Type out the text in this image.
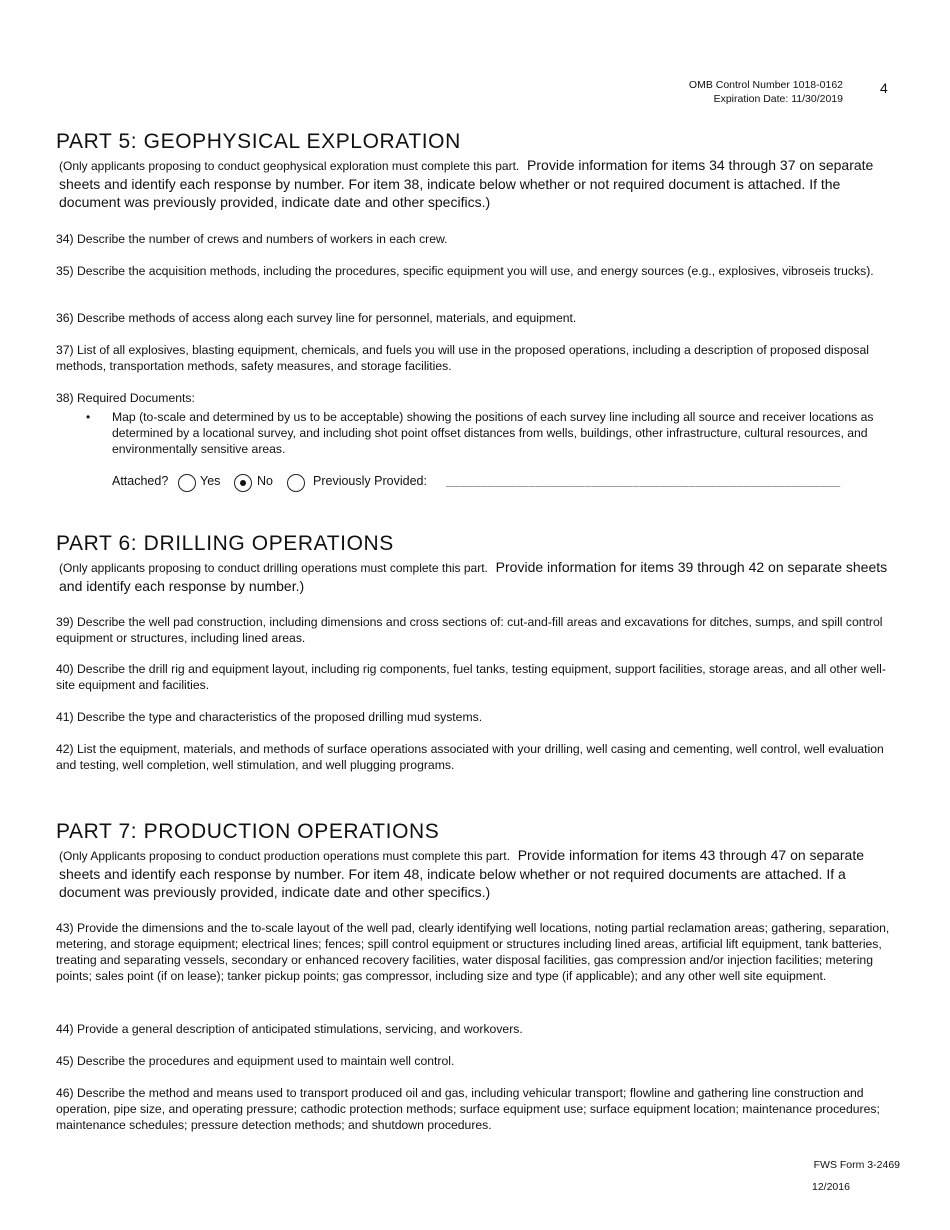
OMB Control Number 1018-0162
Expiration Date: 11/30/2019
4
PART 5: GEOPHYSICAL EXPLORATION
(Only applicants proposing to conduct geophysical exploration must complete this part. Provide information for items 34 through 37 on separate sheets and identify each response by number. For item 38, indicate below whether or not required document is attached. If the document was previously provided, indicate date and other specifics.)

34) Describe the number of crews and numbers of workers in each crew.

35) Describe the acquisition methods, including the procedures, specific equipment you will use, and energy sources (e.g., explosives, vibroseis trucks).

36) Describe methods of access along each survey line for personnel, materials, and equipment.

37) List of all explosives, blasting equipment, chemicals, and fuels you will use in the proposed operations, including a description of proposed disposal methods, transportation methods, safety measures, and storage facilities.

38) Required Documents:

• Map (to-scale and determined by us to be acceptable) showing the positions of each survey line including all source and receiver locations as determined by a locational survey, and including shot point offset distances from wells, buildings, other infrastructure, cultural resources, and environmentally sensitive areas.
Attached?	Yes	No	Previously Provided: _________________________________________________________
PART 6: DRILLING OPERATIONS
(Only applicants proposing to conduct drilling operations must complete this part. Provide information for items 39 through 42 on separate sheets and identify each response by number.)

39) Describe the well pad construction, including dimensions and cross sections of: cut-and-fill areas and excavations for ditches, sumps, and spill control equipment or structures, including lined areas.

40) Describe the drill rig and equipment layout, including rig components, fuel tanks, testing equipment, support facilities, storage areas, and all other well-site equipment and facilities.

41) Describe the type and characteristics of the proposed drilling mud systems.

42) List the equipment, materials, and methods of surface operations associated with your drilling, well casing and cementing, well control, well evaluation and testing, well completion, well stimulation, and well plugging programs.

PART 7: PRODUCTION OPERATIONS
(Only Applicants proposing to conduct production operations must complete this part. Provide information for items 43 through 47 on separate sheets and identify each response by number. For item 48, indicate below whether or not required documents are attached. If a document was previously provided, indicate date and other specifics.)

43) Provide the dimensions and the to-scale layout of the well pad, clearly identifying well locations, noting partial reclamation areas; gathering, separation, metering, and storage equipment; electrical lines; fences; spill control equipment or structures including lined areas, artificial lift equipment, tank batteries, treating and separating vessels, secondary or enhanced recovery facilities, water disposal facilities, gas compression and/or injection facilities; metering points; sales point (if on lease); tanker pickup points; gas compressor, including size and type (if applicable); and any other well site equipment.

44) Provide a general description of anticipated stimulations, servicing, and workovers.

45) Describe the procedures and equipment used to maintain well control.

46) Describe the method and means used to transport produced oil and gas, including vehicular transport; flowline and gathering line construction and operation, pipe size, and operating pressure; cathodic protection methods; surface equipment use; surface equipment location; maintenance procedures; maintenance schedules; pressure detection methods; and shutdown procedures.

FWS Form 3-2469
12/2016
